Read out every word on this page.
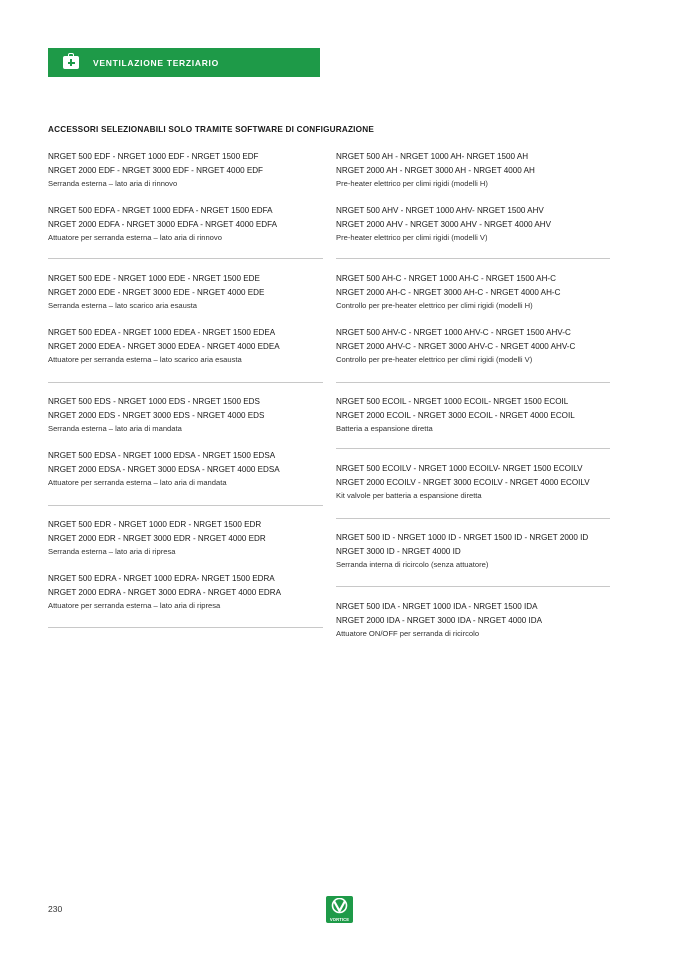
VENTILAZIONE TERZIARIO
ACCESSORI SELEZIONABILI SOLO TRAMITE SOFTWARE DI CONFIGURAZIONE
NRGET 500 EDF - NRGET 1000 EDF - NRGET 1500 EDF
NRGET 2000 EDF - NRGET 3000 EDF - NRGET 4000 EDF
Serranda esterna – lato aria di rinnovo
NRGET 500 EDFA - NRGET 1000 EDFA - NRGET 1500 EDFA
NRGET 2000 EDFA - NRGET 3000 EDFA - NRGET 4000 EDFA
Attuatore per serranda esterna – lato aria di rinnovo
NRGET 500 EDE - NRGET 1000 EDE - NRGET 1500 EDE
NRGET 2000 EDE - NRGET 3000 EDE - NRGET 4000 EDE
Serranda esterna – lato scarico aria esausta
NRGET 500 EDEA - NRGET 1000 EDEA - NRGET 1500 EDEA
NRGET 2000 EDEA - NRGET 3000 EDEA - NRGET 4000 EDEA
Attuatore per serranda esterna – lato scarico aria esausta
NRGET 500 EDS - NRGET 1000 EDS - NRGET 1500 EDS
NRGET 2000 EDS - NRGET 3000 EDS - NRGET 4000 EDS
Serranda esterna – lato aria di mandata
NRGET 500 EDSA - NRGET 1000 EDSA - NRGET 1500 EDSA
NRGET 2000 EDSA - NRGET 3000 EDSA - NRGET 4000 EDSA
Attuatore per serranda esterna – lato aria di mandata
NRGET 500 EDR - NRGET 1000 EDR - NRGET 1500 EDR
NRGET 2000 EDR - NRGET 3000 EDR - NRGET 4000 EDR
Serranda esterna – lato aria di ripresa
NRGET 500 EDRA - NRGET 1000 EDRA- NRGET 1500 EDRA
NRGET 2000 EDRA - NRGET 3000 EDRA - NRGET 4000 EDRA
Attuatore per serranda esterna – lato aria di ripresa
NRGET 500 AH - NRGET 1000 AH- NRGET 1500 AH
NRGET 2000 AH - NRGET 3000 AH - NRGET 4000 AH
Pre-heater elettrico per climi rigidi (modelli H)
NRGET 500 AHV - NRGET 1000 AHV- NRGET 1500 AHV
NRGET 2000 AHV - NRGET 3000 AHV - NRGET 4000 AHV
Pre-heater elettrico per climi rigidi (modelli V)
NRGET 500 AH-C - NRGET 1000 AH-C - NRGET 1500 AH-C
NRGET 2000 AH-C - NRGET 3000 AH-C - NRGET 4000 AH-C
Controllo per pre-heater elettrico per climi rigidi (modelli H)
NRGET 500 AHV-C - NRGET 1000 AHV-C - NRGET 1500 AHV-C
NRGET 2000 AHV-C - NRGET 3000 AHV-C - NRGET 4000 AHV-C
Controllo per pre-heater elettrico per climi rigidi (modelli V)
NRGET 500 ECOIL - NRGET 1000 ECOIL- NRGET 1500 ECOIL
NRGET 2000 ECOIL - NRGET 3000 ECOIL - NRGET 4000 ECOIL
Batteria a espansione diretta
NRGET 500 ECOILV - NRGET 1000 ECOILV- NRGET 1500 ECOILV
NRGET 2000 ECOILV - NRGET 3000 ECOILV - NRGET 4000 ECOILV
Kit valvole per batteria a espansione diretta
NRGET 500 ID - NRGET 1000 ID - NRGET 1500 ID - NRGET 2000 ID
NRGET 3000 ID - NRGET 4000 ID
Serranda interna di ricircolo (senza attuatore)
NRGET 500 IDA - NRGET 1000 IDA - NRGET 1500 IDA
NRGET 2000 IDA - NRGET 3000 IDA - NRGET 4000 IDA
Attuatore ON/OFF per serranda di ricircolo
230
VORTICE
